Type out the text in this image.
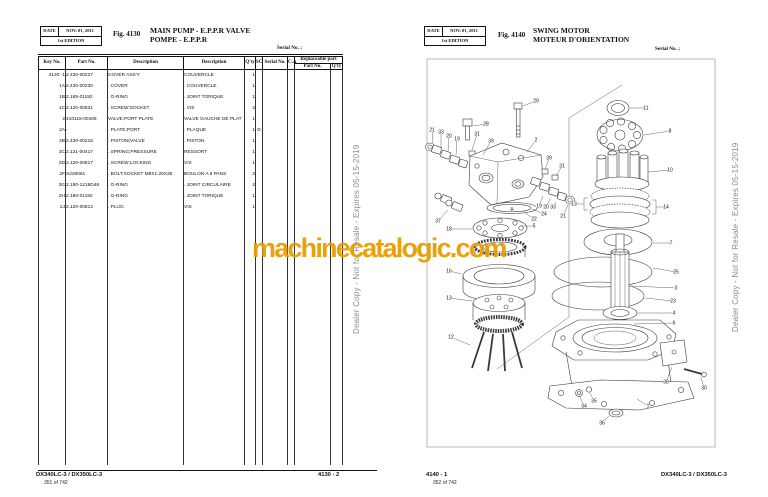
DATE	NOV. 01, 2011
1st EDITION
Fig. 4130 MAIN PUMP - E.P.P.R VALVE
POMPE - E.P.P.R
Serial No. ;
Key No.	Part No.	Description	Description	Q'ty	SC	Serial No.	C.A	Replaceable part	
								Part No.	Q'ty
4130 -1	2.430-00227	COVER ASS'Y	COUVERCLE	1					
1A	2.430-00230	. COVER	. COUVERCLE	1					
1B	2.185-01192	. O-RING	. JOINT TORIQUE	1					
1C	2.120-00831	. SCREW;SOCKET	. VIS	2					
2	410116-00409	VALVE;PORT PLATE	VALVE GAUCHE DE PLAT	1					
2A	-	. PLATE;PORT	. PLAQUE	1	D				
2B	2.430-00216	. PISTON(VALVE	. PISTON	1					
2C	2.131-00417	. SPRING;PRESSURE	RESSORT	1					
2D	2.120-00817	. SCREW;LOCKING	VIS	1					
2F	S229061	. BOLT;SOCKET M8X1.25X35	BOULON A 6 PANS	2					
2G	2.180-1219D48	. O-RING	. JOINT CIRCULAIRE	2					
2H	2.180-01192	. O-RING	. JOINT TORIQUE	1					
2J	2.120-00813	. PLUG	VIS	1					

DX340LC-3 / DX350LC-3
351 of 742
4130 - 2
Dealer Copy - Not for Resale - Expires 05-15-2019
DATE	NOV. 01, 2011
1st EDITION
Fig. 4140 SWING MOTOR
MOTEUR D'ORIENTATION
Serial No. ;
29
28
21 33
20 19
31
39	2
39
31
19 20 33
21
37
18
22
24
5
B
16
13
12
11
8
10
13	14
7
25
3
23
4
6
38
30
34
35
1
36
4140 - 1
352 of 742
DX340LC-3 / DX350LC-3
Dealer Copy - Not for Resale - Expires 05-15-2019
machinecatalogic.com
